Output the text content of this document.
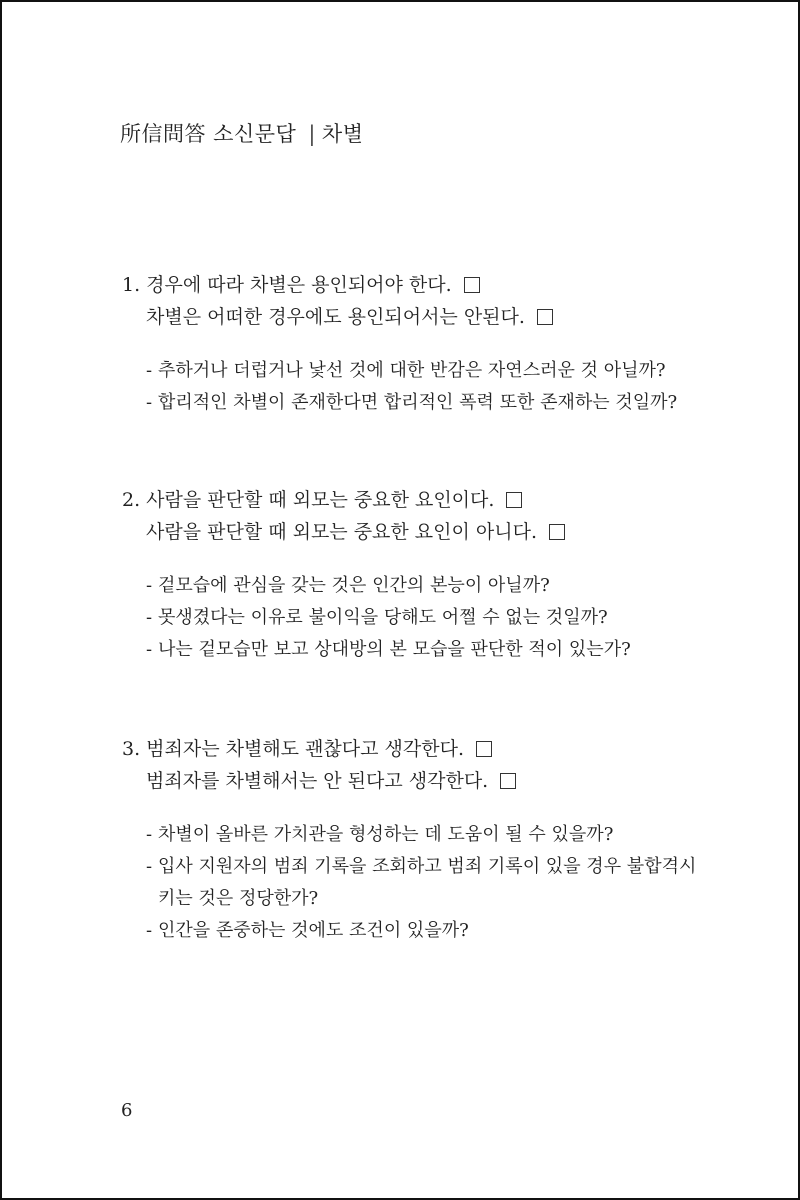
所信問答 소신문답 | 차별
1. 경우에 따라 차별은 용인되어야 한다.
차별은 어떠한 경우에도 용인되어서는 안된다.
- 추하거나 더럽거나 낯선 것에 대한 반감은 자연스러운 것 아닐까?
- 합리적인 차별이 존재한다면 합리적인 폭력 또한 존재하는 것일까?
2. 사람을 판단할 때 외모는 중요한 요인이다.
사람을 판단할 때 외모는 중요한 요인이 아니다.
- 겉모습에 관심을 갖는 것은 인간의 본능이 아닐까?
- 못생겼다는 이유로 불이익을 당해도 어쩔 수 없는 것일까?
- 나는 겉모습만 보고 상대방의 본 모습을 판단한 적이 있는가?
3. 범죄자는 차별해도 괜찮다고 생각한다.
범죄자를 차별해서는 안 된다고 생각한다.
- 차별이 올바른 가치관을 형성하는 데 도움이 될 수 있을까?
- 입사 지원자의 범죄 기록을 조회하고 범죄 기록이 있을 경우 불합격시키는 것은 정당한가?
- 인간을 존중하는 것에도 조건이 있을까?
6
